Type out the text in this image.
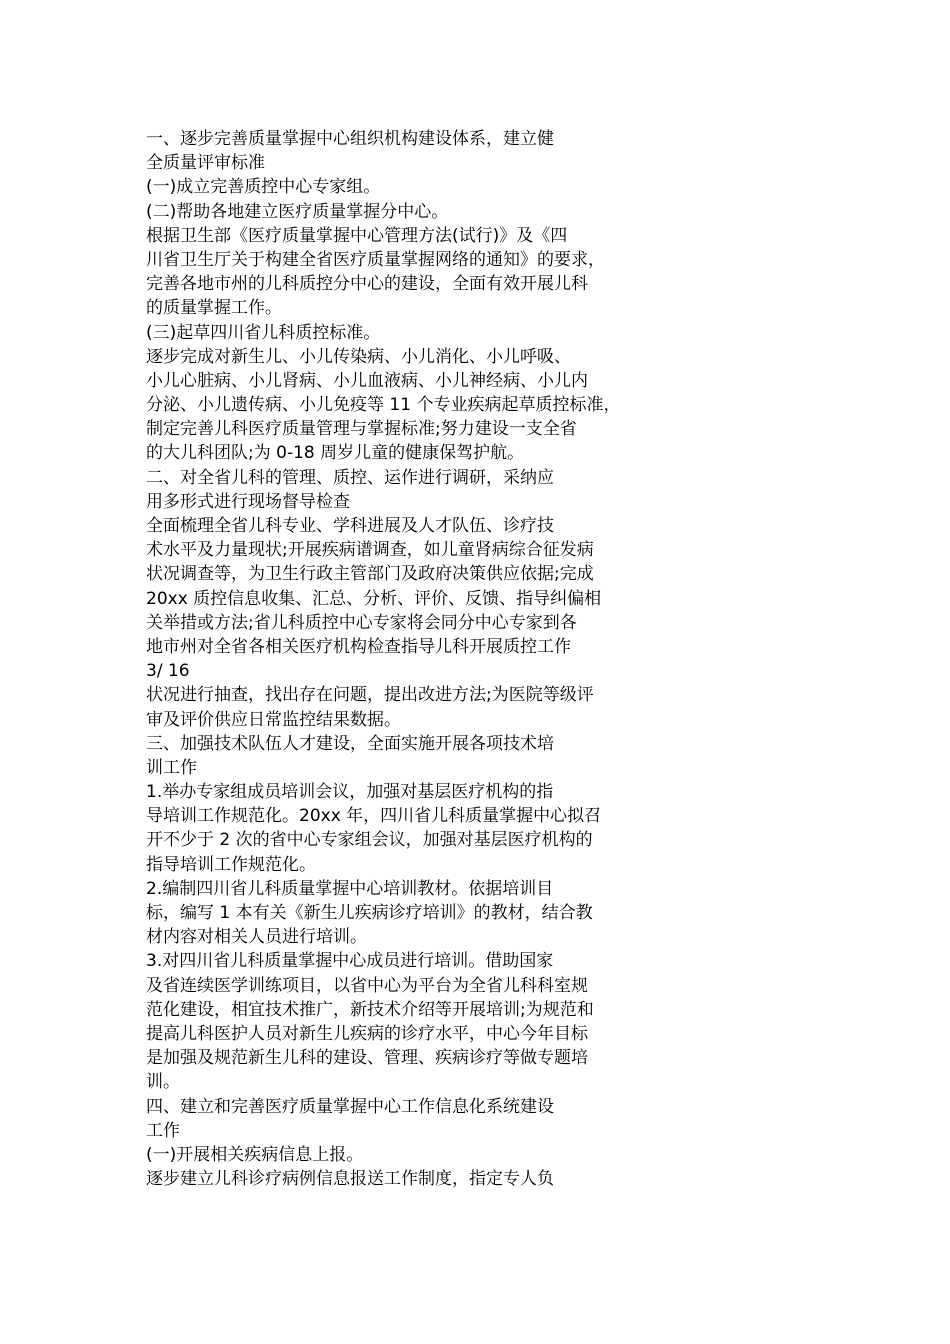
一、逐步完善质量掌握中心组织机构建设体系，建立健
全质量评审标准
(一)成立完善质控中心专家组。
(二)帮助各地建立医疗质量掌握分中心。
根据卫生部《医疗质量掌握中心管理方法(试行)》及《四
川省卫生厅关于构建全省医疗质量掌握网络的通知》的要求，
完善各地市州的儿科质控分中心的建设，全面有效开展儿科
的质量掌握工作。
(三)起草四川省儿科质控标准。
逐步完成对新生儿、小儿传染病、小儿消化、小儿呼吸、
小儿心脏病、小儿肾病、小儿血液病、小儿神经病、小儿内
分泌、小儿遗传病、小儿免疫等 11 个专业疾病起草质控标准，
制定完善儿科医疗质量管理与掌握标准;努力建设一支全省
的大儿科团队;为 0-18 周岁儿童的健康保驾护航。
二、对全省儿科的管理、质控、运作进行调研，采纳应
用多形式进行现场督导检查
全面梳理全省儿科专业、学科进展及人才队伍、诊疗技
术水平及力量现状;开展疾病谱调查，如儿童肾病综合征发病
状况调查等，为卫生行政主管部门及政府决策供应依据;完成
20xx 质控信息收集、汇总、分析、评价、反馈、指导纠偏相
关举措或方法;省儿科质控中心专家将会同分中心专家到各
地市州对全省各相关医疗机构检查指导儿科开展质控工作
3/ 16
状况进行抽查，找出存在问题，提出改进方法;为医院等级评
审及评价供应日常监控结果数据。
三、加强技术队伍人才建设，全面实施开展各项技术培
训工作
1.举办专家组成员培训会议，加强对基层医疗机构的指
导培训工作规范化。20xx 年，四川省儿科质量掌握中心拟召
开不少于 2 次的省中心专家组会议，加强对基层医疗机构的
指导培训工作规范化。
2.编制四川省儿科质量掌握中心培训教材。依据培训目
标，编写 1 本有关《新生儿疾病诊疗培训》的教材，结合教
材内容对相关人员进行培训。
3.对四川省儿科质量掌握中心成员进行培训。借助国家
及省连续医学训练项目，以省中心为平台为全省儿科科室规
范化建设，相宜技术推广，新技术介绍等开展培训;为规范和
提高儿科医护人员对新生儿疾病的诊疗水平，中心今年目标
是加强及规范新生儿科的建设、管理、疾病诊疗等做专题培
训。
四、建立和完善医疗质量掌握中心工作信息化系统建设
工作
(一)开展相关疾病信息上报。
逐步建立儿科诊疗病例信息报送工作制度，指定专人负
